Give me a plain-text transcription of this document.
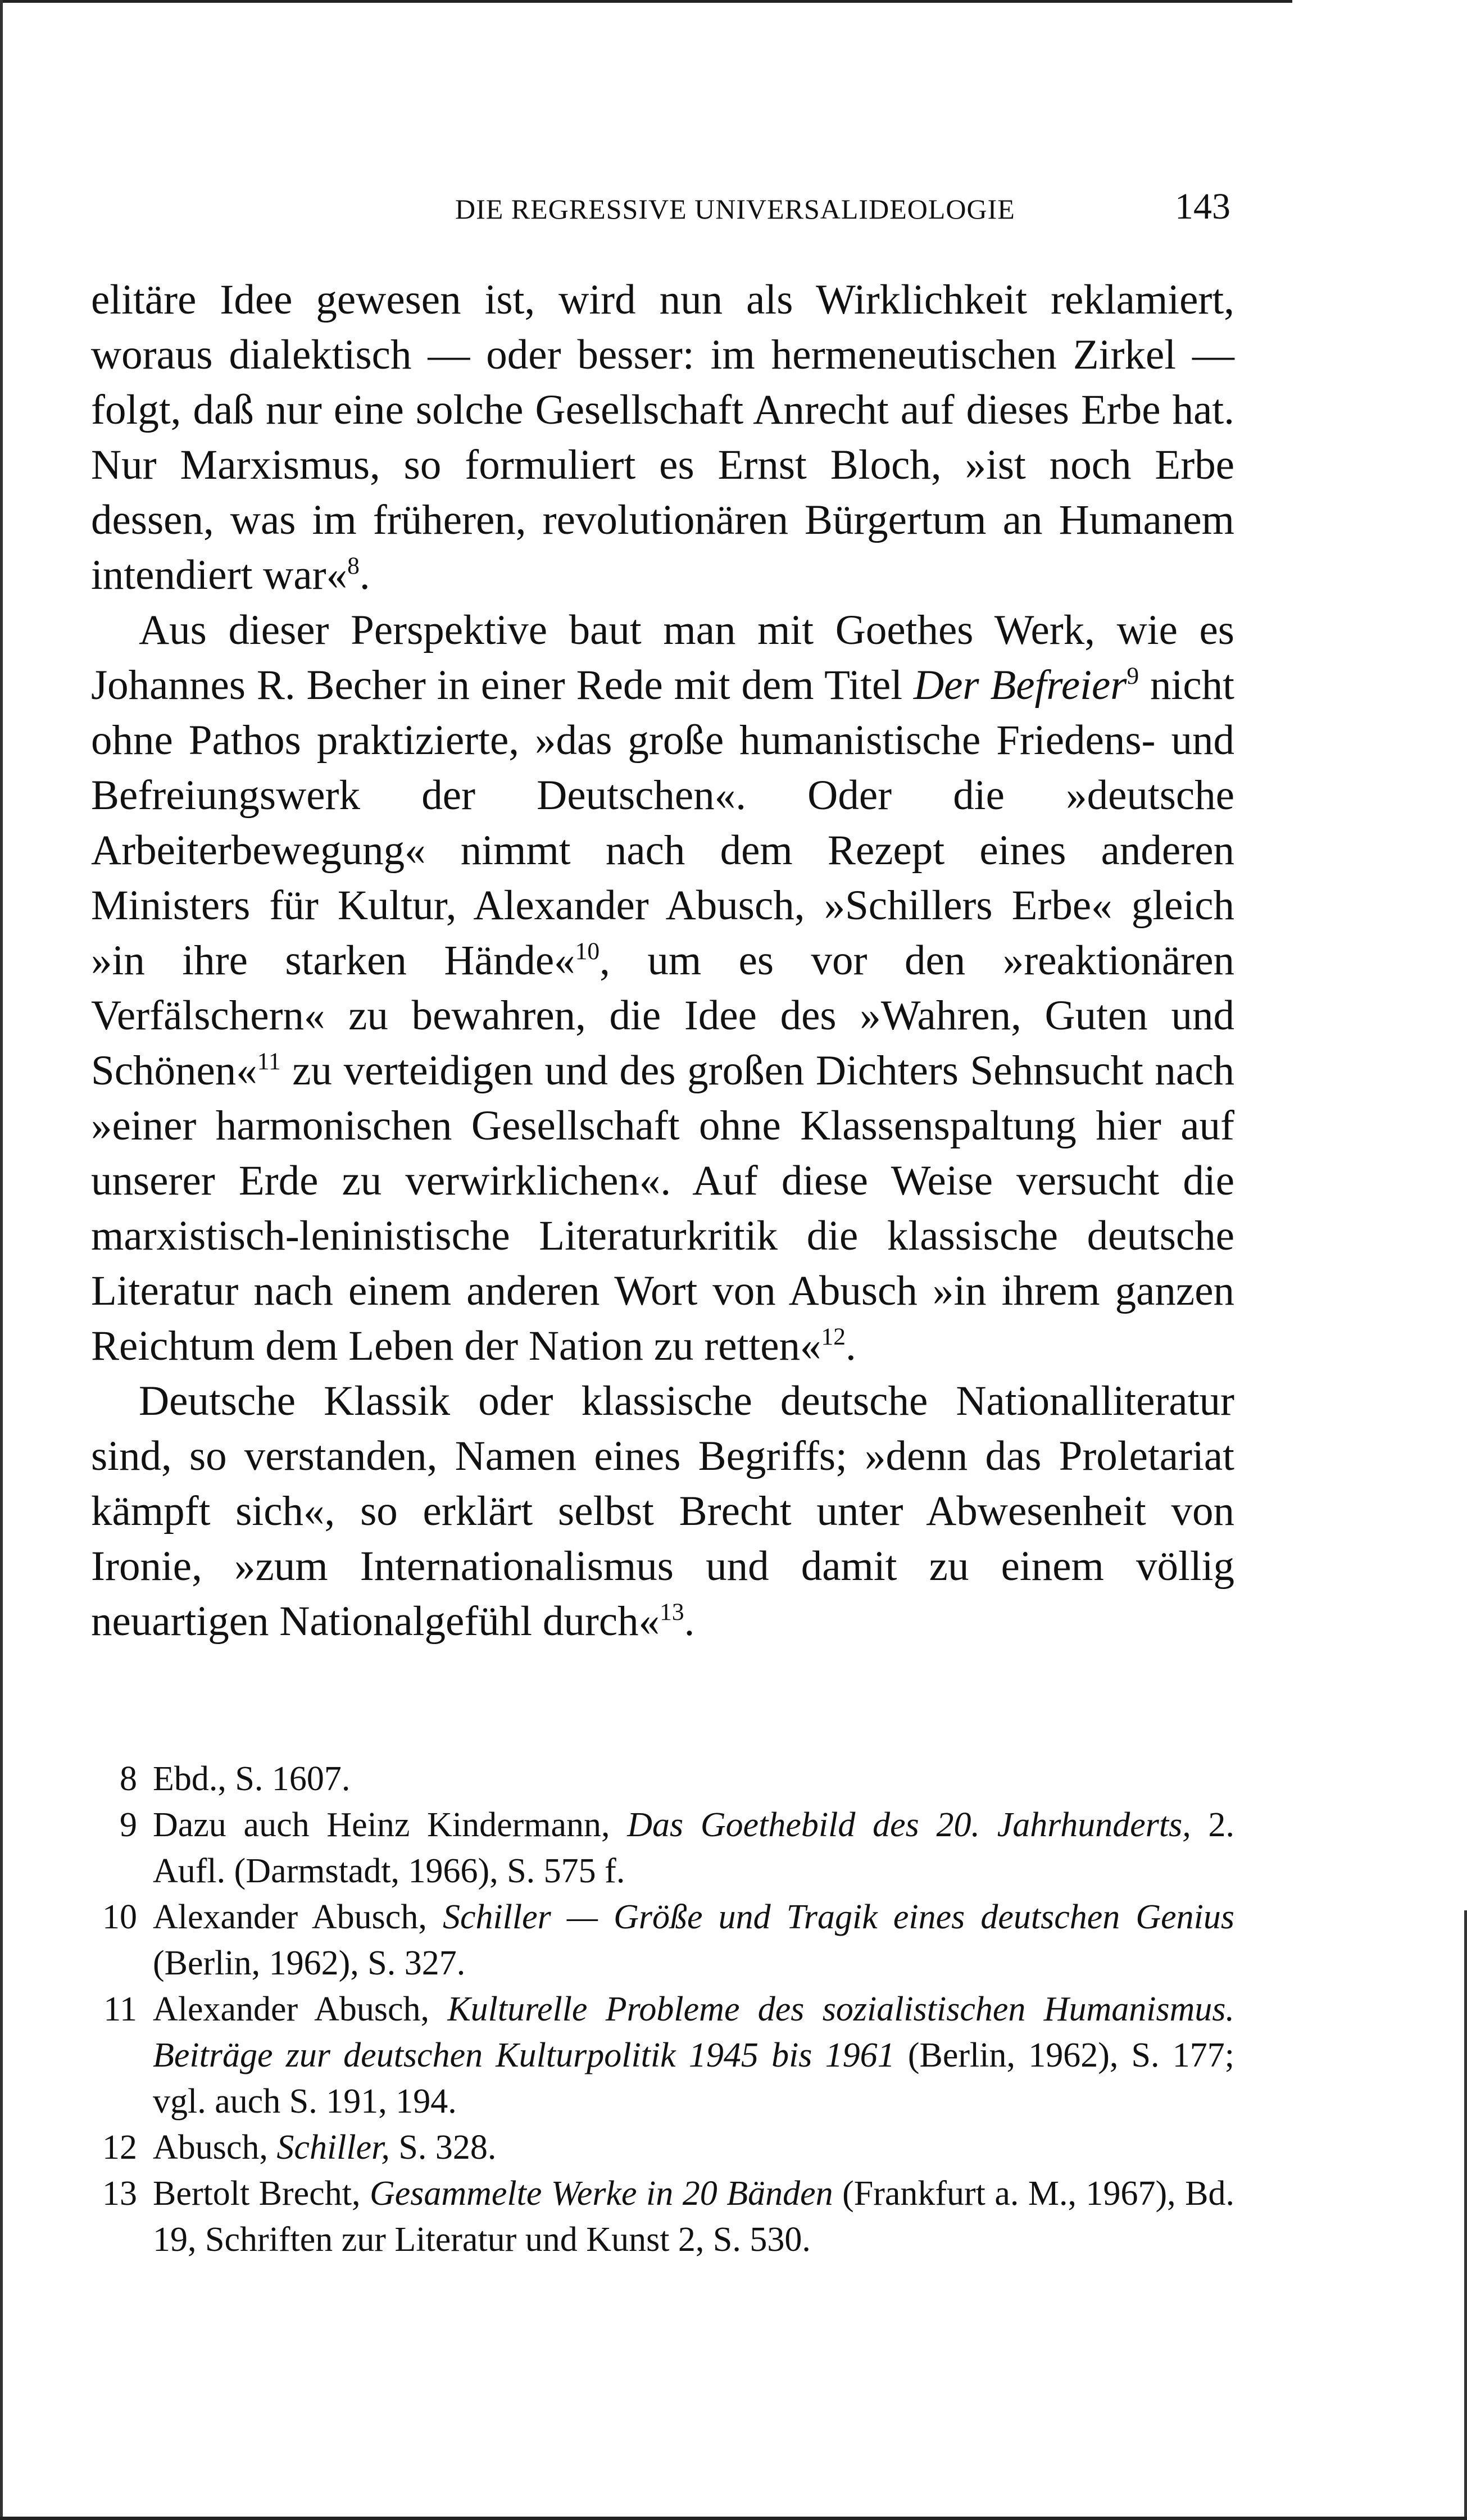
DIE REGRESSIVE UNIVERSALIDEOLOGIE	143

elitäre Idee gewesen ist, wird nun als Wirklichkeit reklamiert, woraus dialektisch — oder besser: im hermeneutischen Zirkel — folgt, daß nur eine solche Gesellschaft Anrecht auf dieses Erbe hat. Nur Marxismus, so formuliert es Ernst Bloch, »ist noch Erbe dessen, was im früheren, revolutionären Bürgertum an Humanem intendiert war«$^8$.

Aus dieser Perspektive baut man mit Goethes Werk, wie es Johannes R. Becher in einer Rede mit dem Titel Der Befreier$^9$ nicht ohne Pathos praktizierte, »das große humanistische Friedens- und Befreiungswerk der Deutschen«. Oder die »deutsche Arbeiterbewegung« nimmt nach dem Rezept eines anderen Ministers für Kultur, Alexander Abusch, »Schillers Erbe« gleich »in ihre starken Hände«$^{10}$, um es vor den »reaktionären Verfälschern« zu bewahren, die Idee des »Wahren, Guten und Schönen«$^{11}$ zu verteidigen und des großen Dichters Sehnsucht nach »einer harmonischen Gesellschaft ohne Klassenspaltung hier auf unserer Erde zu verwirklichen«. Auf diese Weise versucht die marxistisch-leninistische Literaturkritik die klassische deutsche Literatur nach einem anderen Wort von Abusch »in ihrem ganzen Reichtum dem Leben der Nation zu retten«$^{12}$.

Deutsche Klassik oder klassische deutsche Nationalliteratur sind, so verstanden, Namen eines Begriffs; »denn das Proletariat kämpft sich«, so erklärt selbst Brecht unter Abwesenheit von Ironie, »zum Internationalismus und damit zu einem völlig neuartigen Nationalgefühl durch«$^{13}$.

8 Ebd., S. 1607.
9 Dazu auch Heinz Kindermann, Das Goethebild des 20. Jahrhunderts, 2. Aufl. (Darmstadt, 1966), S. 575 f.
10 Alexander Abusch, Schiller — Größe und Tragik eines deutschen Genius (Berlin, 1962), S. 327.
11 Alexander Abusch, Kulturelle Probleme des sozialistischen Humanismus. Beiträge zur deutschen Kulturpolitik 1945 bis 1961 (Berlin, 1962), S. 177; vgl. auch S. 191, 194.
12 Abusch, Schiller, S. 328.
13 Bertolt Brecht, Gesammelte Werke in 20 Bänden (Frankfurt a. M., 1967), Bd. 19, Schriften zur Literatur und Kunst 2, S. 530.
